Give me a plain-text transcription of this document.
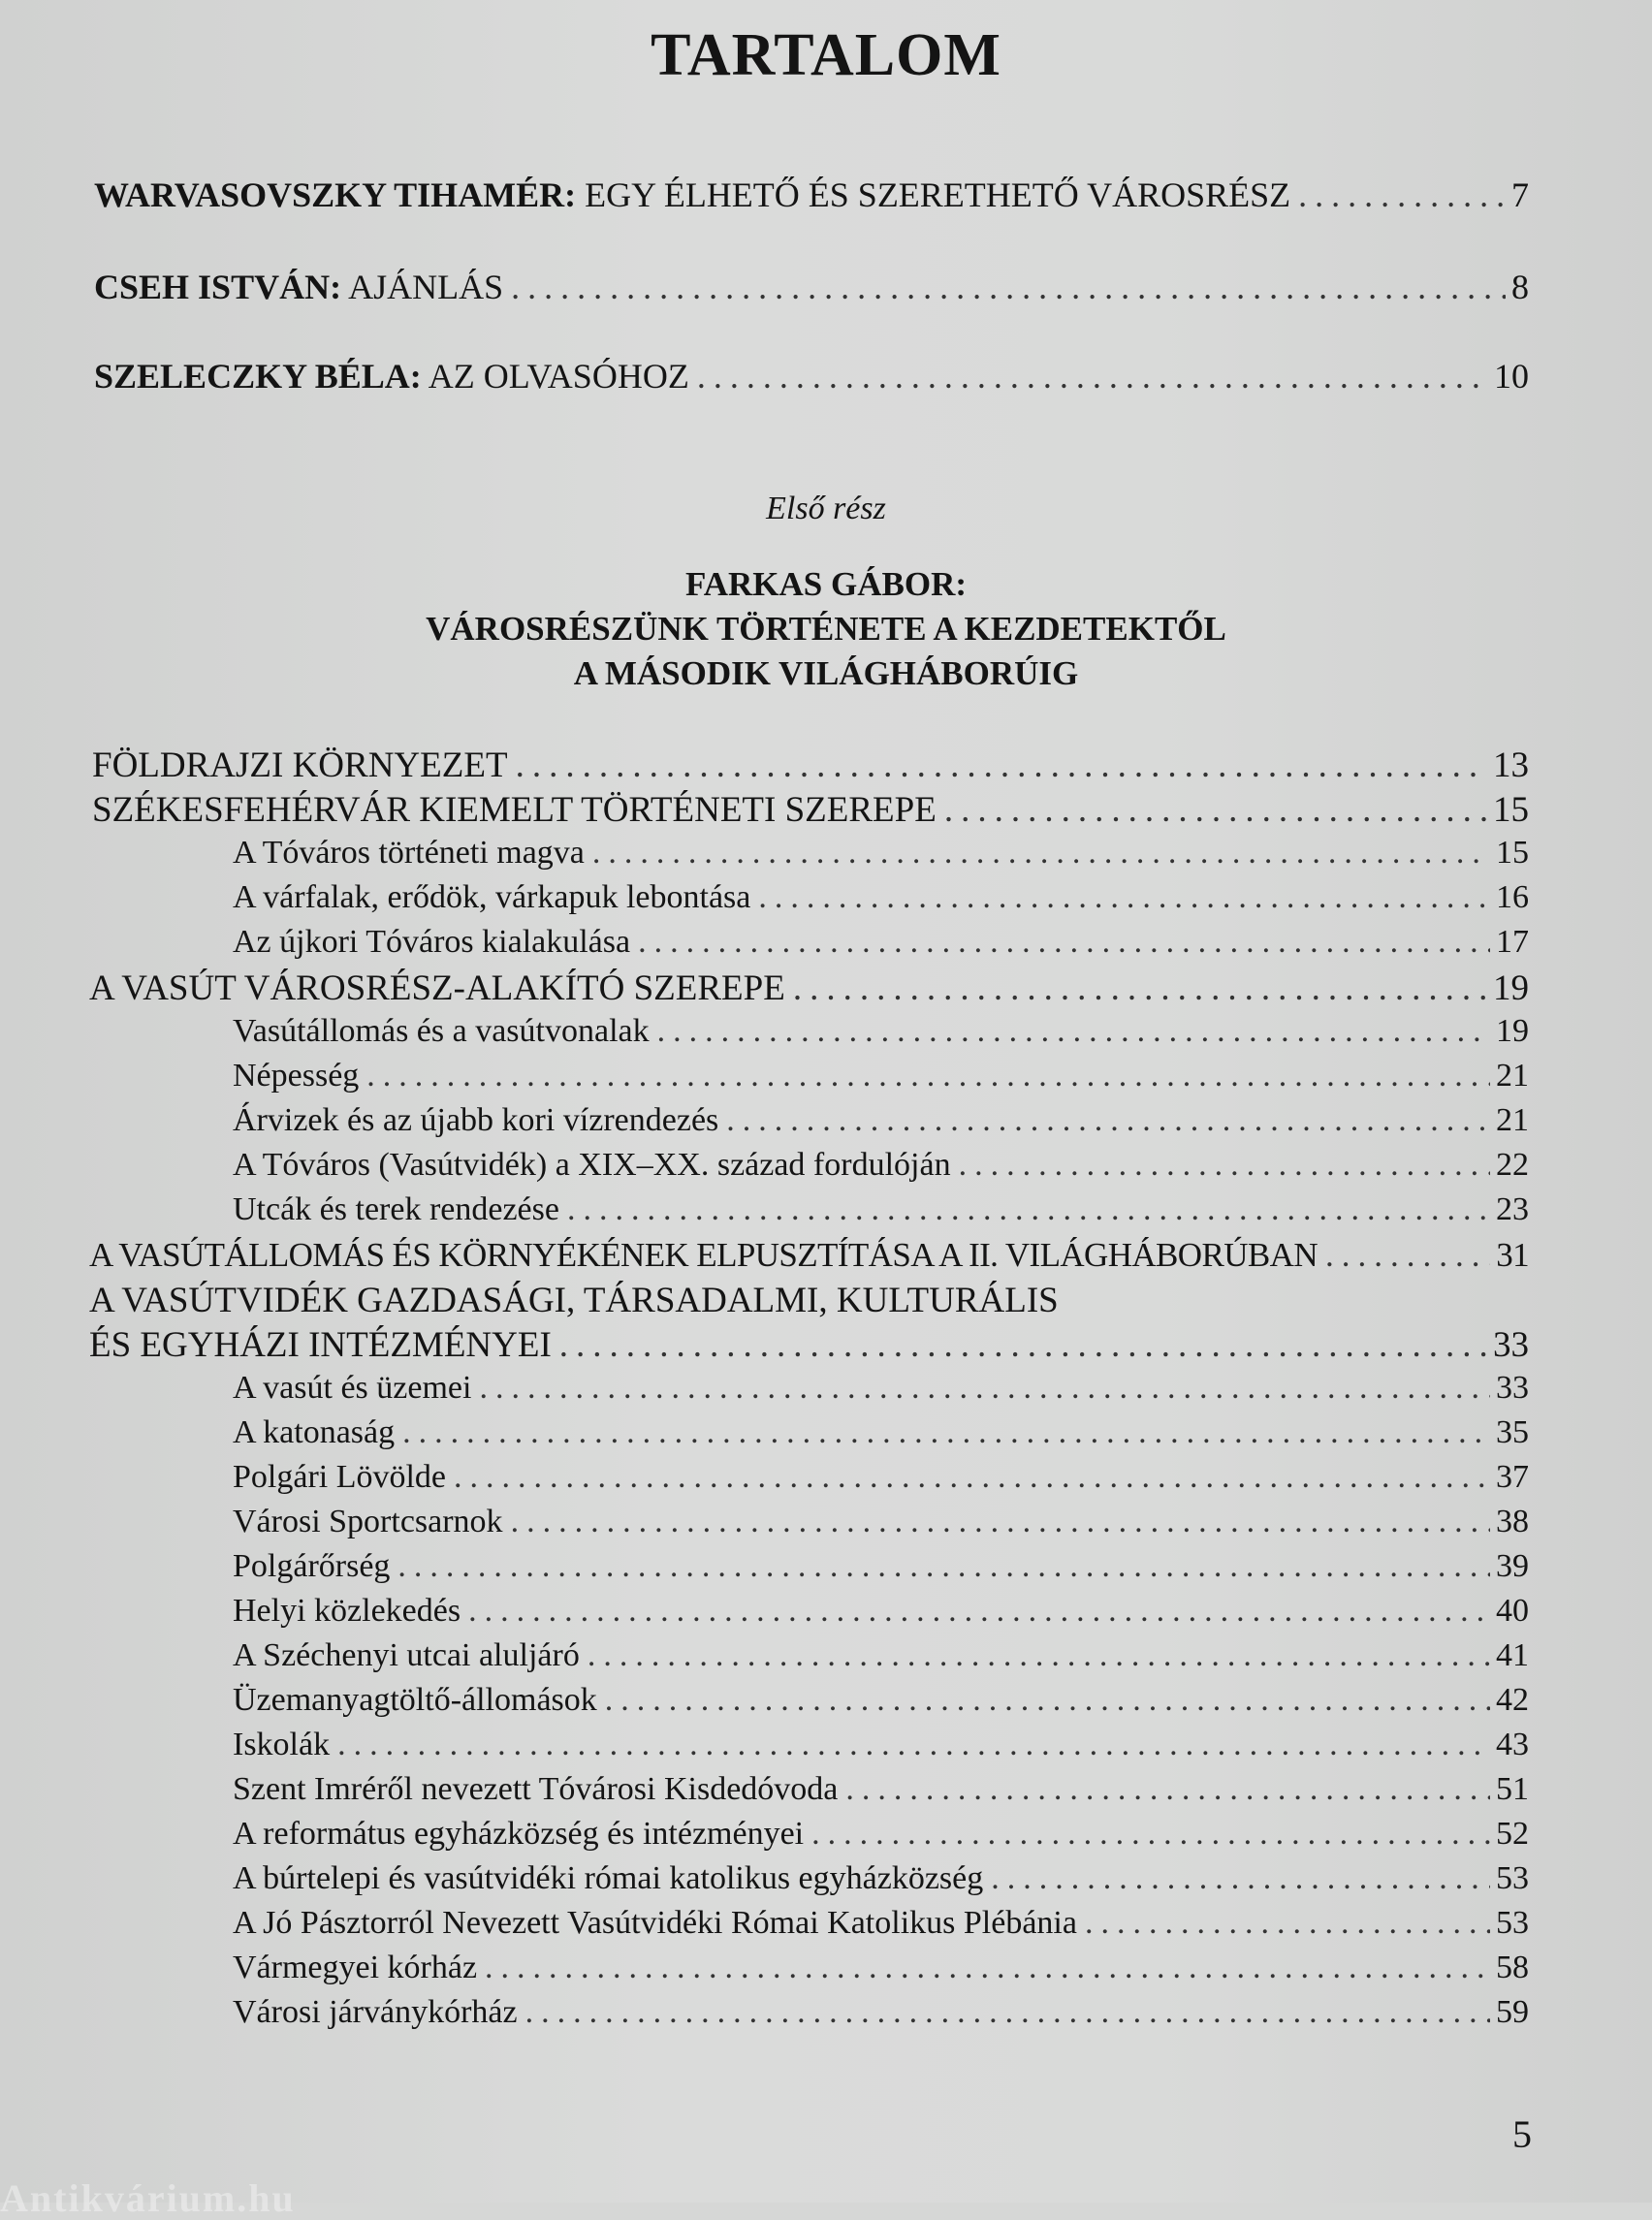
TARTALOM
WARVASOVSZKY TIHAMÉR: EGY ÉLHETŐ ÉS SZERETHETŐ VÁROSRÉSZ .....	7
CSEH ISTVÁN: AJÁNLÁS .....	8
SZELECZKY BÉLA: AZ OLVASÓHOZ .....	10
Első rész
FARKAS GÁBOR:
VÁROSRÉSZÜNK TÖRTÉNETE A KEZDETEKTŐL
A MÁSODIK VILÁGHÁBORÚIG
FÖLDRAJZI KÖRNYEZET .....	13
SZÉKESFEHÉRVÁR KIEMELT TÖRTÉNETI SZEREPE .....	15
A Tóváros történeti magva .....	15
A várfalak, erődök, várkapuk lebontása .....	16
Az újkori Tóváros kialakulása .....	17
A VASÚT VÁROSRÉSZ-ALAKÍTÓ SZEREPE .....	19
Vasútállomás és a vasútvonalak .....	19
Népesség .....	21
Árvizek és az újabb kori vízrendezés .....	21
A Tóváros (Vasútvidék) a XIX–XX. század fordulóján .....	22
Utcák és terek rendezése .....	23
A VASÚTÁLLOMÁS ÉS KÖRNYÉKÉNEK ELPUSZTÍTÁSA A II. VILÁGHÁBORÚBAN .....	31
A VASÚTVIDÉK GAZDASÁGI, TÁRSADALMI, KULTURÁLIS
ÉS EGYHÁZI INTÉZMÉNYEI .....	33
A vasút és üzemei .....	33
A katonaság .....	35
Polgári Lövölde .....	37
Városi Sportcsarnok .....	38
Polgárőrség .....	39
Helyi közlekedés .....	40
A Széchenyi utcai aluljáró .....	41
Üzemanyagtöltő-állomások .....	42
Iskolák .....	43
Szent Imréről nevezett Tóvárosi Kisdedóvoda .....	51
A református egyházközség és intézményei .....	52
A búrtelepi és vasútvidéki római katolikus egyházközség .....	53
A Jó Pásztorról Nevezett Vasútvidéki Római Katolikus Plébánia .....	53
Vármegyei kórház .....	58
Városi járványkórház .....	59
5
Antikvárium.hu
